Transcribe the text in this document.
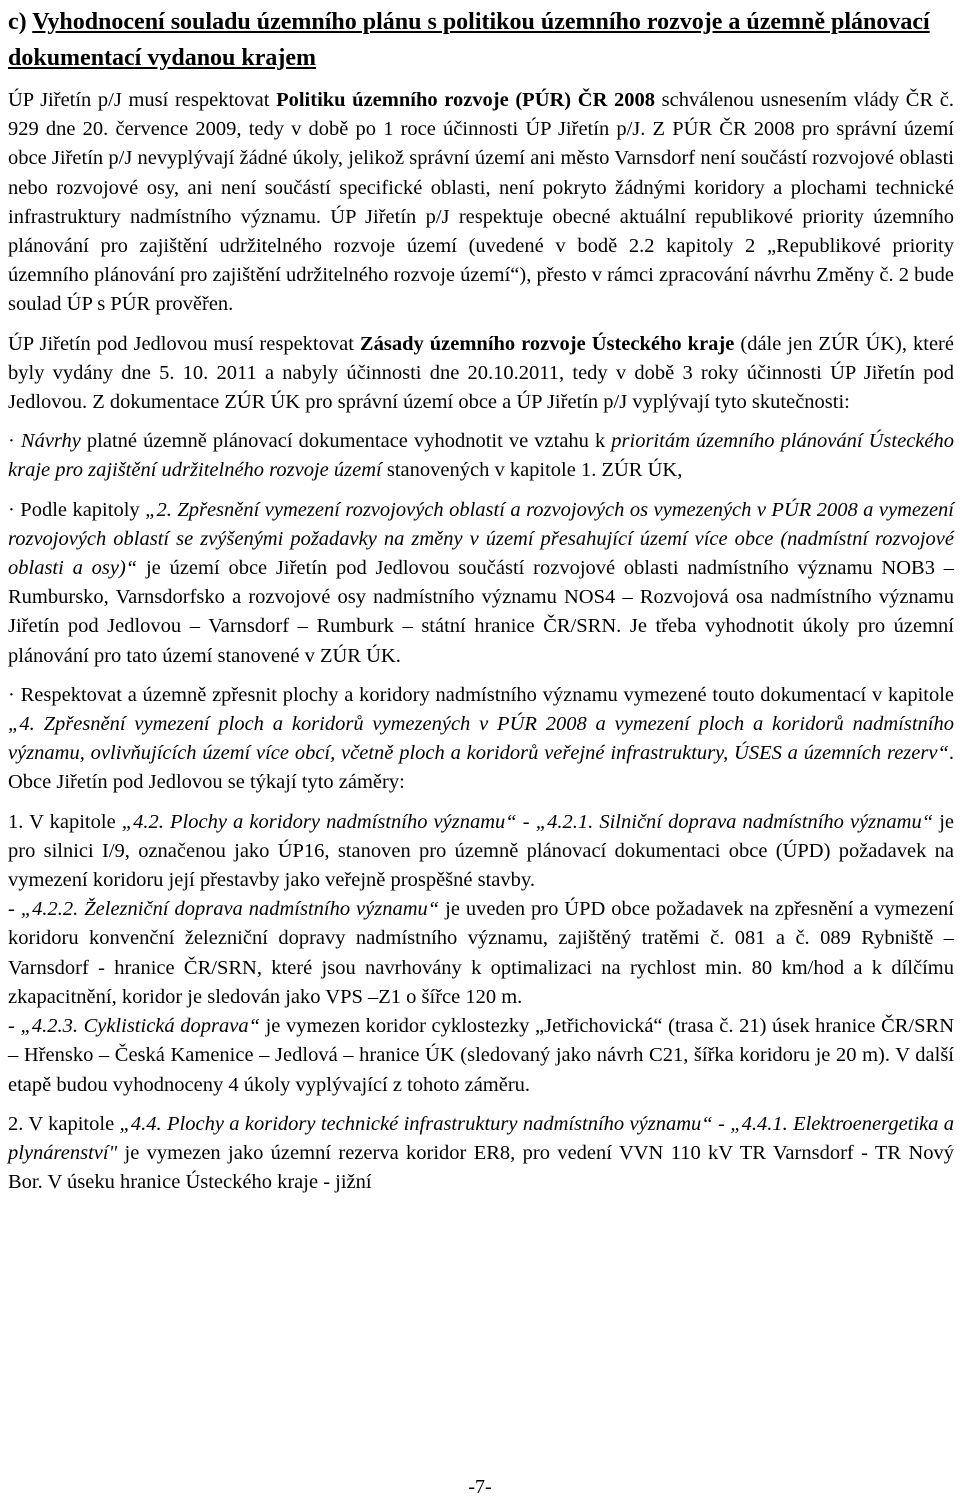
c) Vyhodnocení souladu územního plánu s politikou územního rozvoje a územně plánovací dokumentací vydanou krajem

ÚP Jiřetín p/J musí respektovat Politiku územního rozvoje (PÚR) ČR 2008 schválenou usnesením vlády ČR č. 929 dne 20. července 2009, tedy v době po 1 roce účinnosti ÚP Jiřetín p/J. Z PÚR ČR 2008 pro správní území obce Jiřetín p/J nevyplývají žádné úkoly, jelikož správní území ani město Varnsdorf není součástí rozvojové oblasti nebo rozvojové osy, ani není součástí specifické oblasti, není pokryto žádnými koridory a plochami technické infrastruktury nadmístního významu. ÚP Jiřetín p/J respektuje obecné aktuální republikové priority územního plánování pro zajištění udržitelného rozvoje území (uvedené v bodě 2.2 kapitoly 2 „Republikové priority územního plánování pro zajištění udržitelného rozvoje území“), přesto v rámci zpracování návrhu Změny č. 2 bude soulad ÚP s PÚR prověřen.

ÚP Jiřetín pod Jedlovou musí respektovat Zásady územního rozvoje Ústeckého kraje (dále jen ZÚR ÚK), které byly vydány dne 5. 10. 2011 a nabyly účinnosti dne 20.10.2011, tedy v době 3 roky účinnosti ÚP Jiřetín pod Jedlovou. Z dokumentace ZÚR ÚK pro správní území obce a ÚP Jiřetín p/J vyplývají tyto skutečnosti:

· Návrhy platné územně plánovací dokumentace vyhodnotit ve vztahu k prioritám územního plánování Ústeckého kraje pro zajištění udržitelného rozvoje území stanovených v kapitole 1. ZÚR ÚK,

· Podle kapitoly „2. Zpřesnění vymezení rozvojových oblastí a rozvojových os vymezených v PÚR 2008 a vymezení rozvojových oblastí se zvýšenými požadavky na změny v území přesahující území více obce (nadmístní rozvojové oblasti a osy)“ je území obce Jiřetín pod Jedlovou součástí rozvojové oblasti nadmístního významu NOB3 – Rumbursko, Varnsdorfsko a rozvojové osy nadmístního významu NOS4 – Rozvojová osa nadmístního významu Jiřetín pod Jedlovou – Varnsdorf – Rumburk – státní hranice ČR/SRN. Je třeba vyhodnotit úkoly pro územní plánování pro tato území stanovené v ZÚR ÚK.

· Respektovat a územně zpřesnit plochy a koridory nadmístního významu vymezené touto dokumentací v kapitole „4. Zpřesnění vymezení ploch a koridorů vymezených v PÚR 2008 a vymezení ploch a koridorů nadmístního významu, ovlivňujících území více obcí, včetně ploch a koridorů veřejné infrastruktury, ÚSES a územních rezerv“. Obce Jiřetín pod Jedlovou se týkají tyto záměry:

1. V kapitole „4.2. Plochy a koridory nadmístního významu“ - „4.2.1. Silniční doprava nadmístního významu“ je pro silnici I/9, označenou jako ÚP16, stanoven pro územně plánovací dokumentaci obce (ÚPD) požadavek na vymezení koridoru její přestavby jako veřejně prospěšné stavby.

- „4.2.2. Železniční doprava nadmístního významu“ je uveden pro ÚPD obce požadavek na zpřesnění a vymezení koridoru konvenční železniční dopravy nadmístního významu, zajištěný tratěmi č. 081 a č. 089 Rybniště – Varnsdorf - hranice ČR/SRN, které jsou navrhovány k optimalizaci na rychlost min. 80 km/hod a k dílčímu zkapacitnění, koridor je sledován jako VPS –Z1 o šířce 120 m.

- „4.2.3. Cyklistická doprava“ je vymezen koridor cyklostezky „Jetřichovická“ (trasa č. 21) úsek hranice ČR/SRN – Hřensko – Česká Kamenice – Jedlová – hranice ÚK (sledovaný jako návrh C21, šířka koridoru je 20 m). V další etapě budou vyhodnoceny 4 úkoly vyplývající z tohoto záměru.

2. V kapitole „4.4. Plochy a koridory technické infrastruktury nadmístního významu“ - „4.4.1. Elektroenergetika a plynárenství" je vymezen jako územní rezerva koridor ER8, pro vedení VVN 110 kV TR Varnsdorf - TR Nový Bor. V úseku hranice Ústeckého kraje - jižní

-7-
